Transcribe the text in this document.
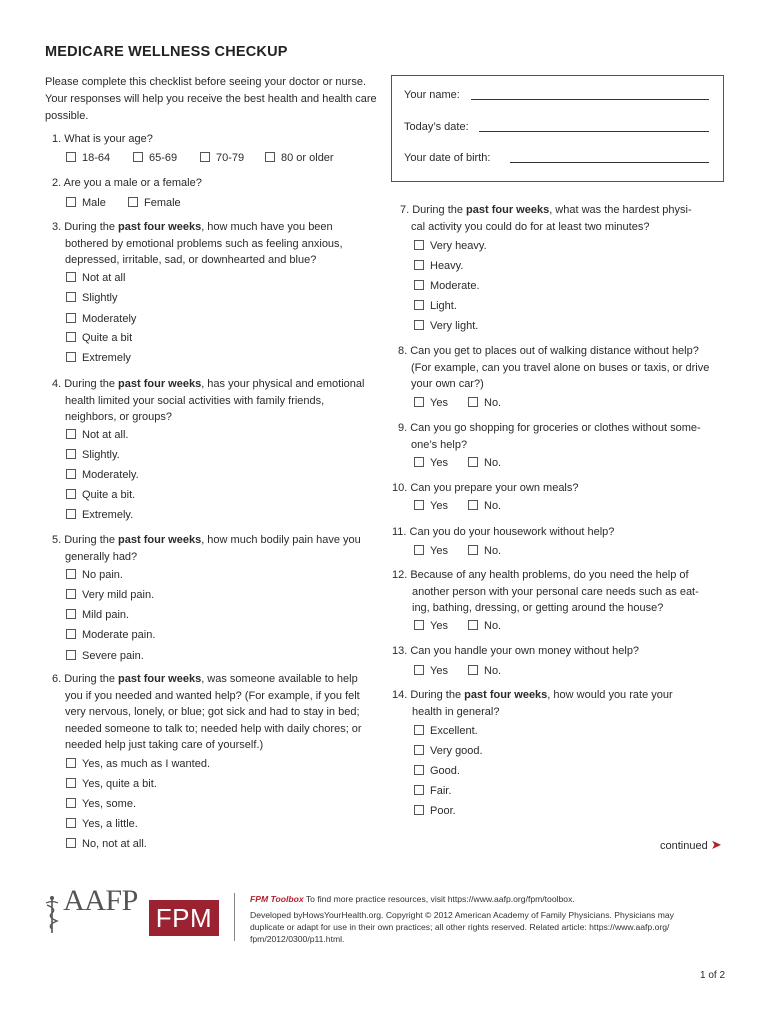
MEDICARE WELLNESS CHECKUP
Please complete this checklist before seeing your doctor or nurse. Your responses will help you receive the best health and health care possible.
Your name:
Today’s date:
Your date of birth:
1. What is your age?
18-64	65-69	70-79	80 or older
2. Are you a male or a female?
Male	Female
3. During the past four weeks, how much have you been
bothered by emotional problems such as feeling anxious,
depressed, irritable, sad, or downhearted and blue?
Not at all
Slightly
Moderately
Quite a bit
Extremely
4. During the past four weeks, has your physical and emotional
health limited your social activities with family friends,
neighbors, or groups?
Not at all.
Slightly.
Moderately.
Quite a bit.
Extremely.
5. During the past four weeks, how much bodily pain have you
generally had?
No pain.
Very mild pain.
Mild pain.
Moderate pain.
Severe pain.
6. During the past four weeks, was someone available to help
you if you needed and wanted help? (For example, if you felt
very nervous, lonely, or blue; got sick and had to stay in bed;
needed someone to talk to; needed help with daily chores; or
needed help just taking care of yourself.)
Yes, as much as I wanted.
Yes, quite a bit.
Yes, some.
Yes, a little.
No, not at all.
7. During the past four weeks, what was the hardest physi-
cal activity you could do for at least two minutes?
Very heavy.
Heavy.
Moderate.
Light.
Very light.
8. Can you get to places out of walking distance without help?
(For example, can you travel alone on buses or taxis, or drive
your own car?)
Yes	No.
9. Can you go shopping for groceries or clothes without some-
one’s help?
Yes	No.
10. Can you prepare your own meals?
Yes	No.
11. Can you do your housework without help?
Yes	No.
12. Because of any health problems, do you need the help of
another person with your personal care needs such as eat-
ing, bathing, dressing, or getting around the house?
Yes	No.
13. Can you handle your own money without help?
Yes	No.
14. During the past four weeks, how would you rate your
health in general?
Excellent.
Very good.
Good.
Fair.
Poor.
continued ➤
AAFP
FPM
FPM Toolbox To find more practice resources, visit https://www.aafp.org/fpm/toolbox.
Developed byHowsYourHealth.org. Copyright © 2012 American Academy of Family Physicians. Physicians may
duplicate or adapt for use in their own practices; all other rights reserved. Related article: https://www.aafp.org/
fpm/2012/0300/p11.html.
1 of 2
